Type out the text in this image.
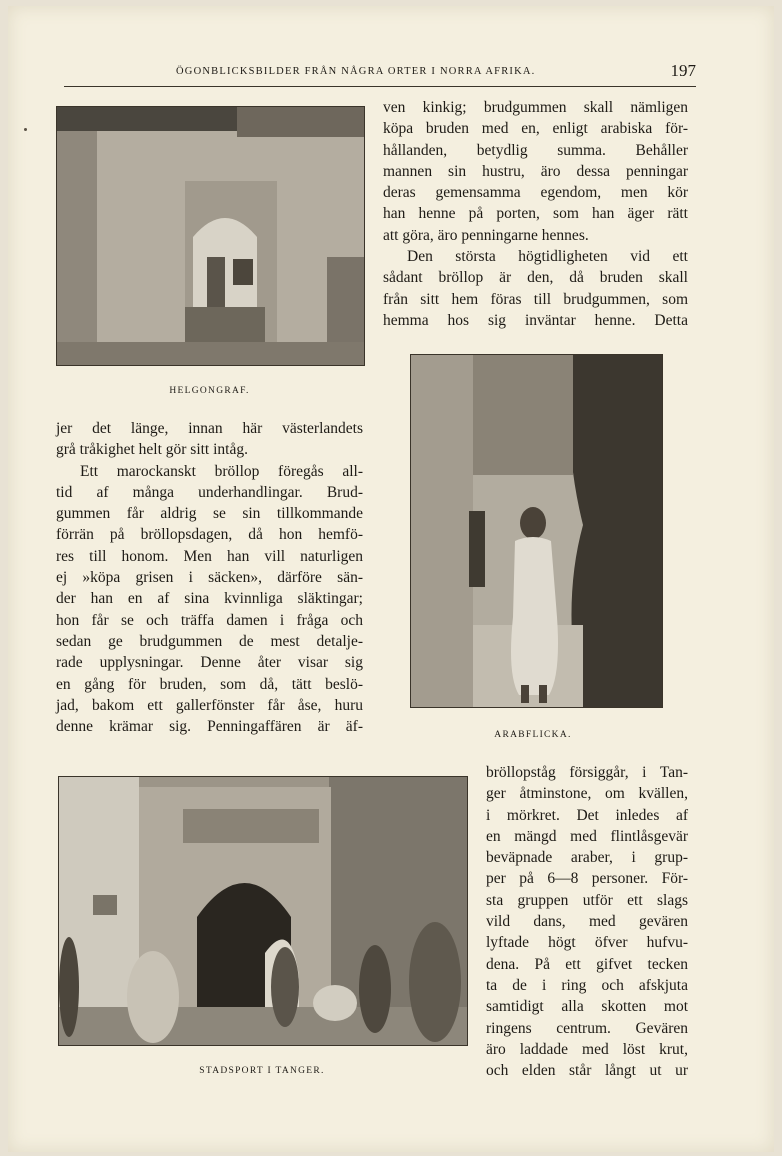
ÖGONBLICKSBILDER FRÅN NÅGRA ORTER I NORRA AFRIKA.	197
HELGONGRAF.
ARABFLICKA.
STADSPORT I TANGER.
ven kinkig; brudgummen skall nämligen
köpa bruden med en, enligt arabiska för-
hållanden, betydlig summa. Behåller
mannen sin hustru, äro dessa penningar
deras gemensamma egendom, men kör
han henne på porten, som han äger rätt
att göra, äro penningarne hennes.
Den största högtidligheten vid ett
sådant bröllop är den, då bruden skall
från sitt hem föras till brudgummen, som
hemma hos sig inväntar henne. Detta
jer det länge, innan här västerlandets
grå tråkighet helt gör sitt intåg.
Ett marockanskt bröllop föregås all-
tid af många underhandlingar. Brud-
gummen får aldrig se sin tillkommande
förrän på bröllopsdagen, då hon hemfö-
res till honom. Men han vill naturligen
ej »köpa grisen i säcken», därföre sän-
der han en af sina kvinnliga släktingar;
hon får se och träffa damen i fråga och
sedan ge brudgummen de mest detalje-
rade upplysningar. Denne åter visar sig
en gång för bruden, som då, tätt beslö-
jad, bakom ett gallerfönster får åse, huru
denne krämar sig. Penningaffären är äf-
bröllopståg försiggår, i Tan-
ger åtminstone, om kvällen,
i mörkret. Det inledes af
en mängd med flintlåsgevär
beväpnade araber, i grup-
per på 6—8 personer. För-
sta gruppen utför ett slags
vild dans, med gevären
lyftade högt öfver hufvu-
dena. På ett gifvet tecken
ta de i ring och afskjuta
samtidigt alla skotten mot
ringens centrum. Gevären
äro laddade med löst krut,
och elden står långt ut ur
